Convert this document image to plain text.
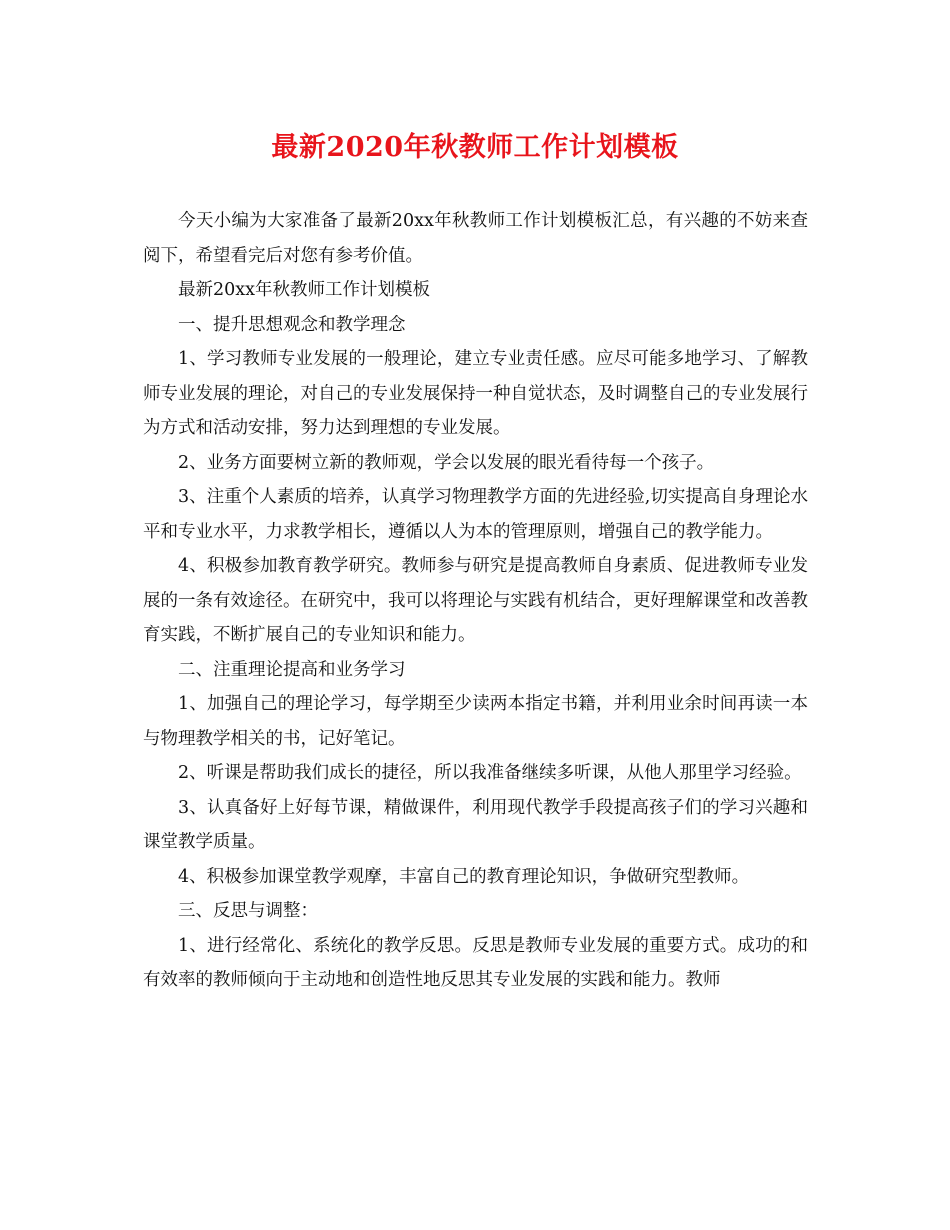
最新2020年秋教师工作计划模板

今天小编为大家准备了最新20xx年秋教师工作计划模板汇总，有兴趣的不妨来查阅下，希望看完后对您有参考价值。

最新20xx年秋教师工作计划模板

一、提升思想观念和教学理念

1、学习教师专业发展的一般理论，建立专业责任感。应尽可能多地学习、了解教师专业发展的理论，对自己的专业发展保持一种自觉状态，及时调整自己的专业发展行为方式和活动安排，努力达到理想的专业发展。

2、业务方面要树立新的教师观，学会以发展的眼光看待每一个孩子。

3、注重个人素质的培养，认真学习物理教学方面的先进经验,切实提高自身理论水平和专业水平，力求教学相长，遵循以人为本的管理原则，增强自己的教学能力。

4、积极参加教育教学研究。教师参与研究是提高教师自身素质、促进教师专业发展的一条有效途径。在研究中，我可以将理论与实践有机结合，更好理解课堂和改善教育实践，不断扩展自己的专业知识和能力。

二、注重理论提高和业务学习

1、加强自己的理论学习，每学期至少读两本指定书籍，并利用业余时间再读一本与物理教学相关的书，记好笔记。

2、听课是帮助我们成长的捷径，所以我准备继续多听课，从他人那里学习经验。

3、认真备好上好每节课，精做课件，利用现代教学手段提高孩子们的学习兴趣和课堂教学质量。

4、积极参加课堂教学观摩，丰富自己的教育理论知识，争做研究型教师。

三、反思与调整：

1、进行经常化、系统化的教学反思。反思是教师专业发展的重要方式。成功的和有效率的教师倾向于主动地和创造性地反思其专业发展的实践和能力。教师
